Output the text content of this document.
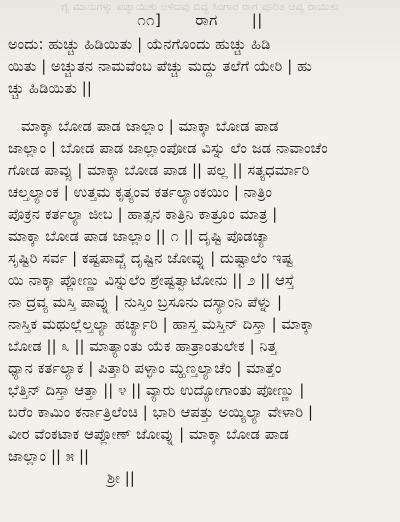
ಗ್ಯ ಮಾನುಗಳ್ಕು ಪಡ್ಯಾಯಿತು ಅಳಿದವು ಬಿದ್ದ ಸಿಂಗಾರ ರಾಗ ಪೂರಿತ ಆಪ್ಯ ರಾಯಿತು
೧೧] ರಾಗ ||
ಅಂದು: ಹುಚ್ಚು ಹಿಡಿಯಿತು | ಯೆನಗೊಂದು ಹುಚ್ಚು ಹಿಡಿ
ಯಿತು | ಅಚ್ಚುತನ ನಾಮವೆಂಬ ಪೆಚ್ಚು ಮದ್ದು ತಲೆಗೆ ಯೇರಿ | ಹು
ಚ್ಚು ಹಿಡಿಯಿತು ||
ಮಾಕ್ಕಾ ಬೋಡ ಪಾಡ ಜಾಲ್ಲಾಂ | ಮಾಕ್ಕಾ ಬೋಡ ಪಾಡ
ಜಾಲ್ಲಾಂ | ಬೋಡ ಪಾಡ ಜಾಲ್ಲಾಂಪೋಡ ವಿಸ್ನು ಲೆಂ ಜಡ ನಾವಾಂಚೆಂ
ಗೋಡ ಪಾವ್ಸು | ಮಾಕ್ಕಾ ಬೋಡ ಪಾಡ || ಪಲ್ಲ || ಸತ್ಯಧರ್ಮಾರಿ
ಚಲ್ತಲ್ಯಾಂಕ | ಉತ್ತಮ ಕೃತ್ಯಂವ ಕರ್ತಲ್ಯಾಂಕಯಿಂ | ನಾತ್ರಿಂ
ಪೊಕ್ರನ ಕರ್ತಲ್ಯಾ ಜೀಬ | ಹಾತ್ಸನ ಕಾತ್ರಿನಿ ಕಾತ್ರೂಂ ಮಾತ್ರ |
ಮಾಕ್ಕಾ ಬೋಡ ಪಾಡ ಜಾಲ್ಲಾಂ || ೧ || ದೃಷ್ಟಿ ಪೊಡಚ್ಯಾ
ಸೃಷ್ಟಿರಿ ಸರ್ವ | ಕಷ್ಟಪಾವ್ಚೆ ದೃಷ್ಟಿನ ಜೋವ್ನು | ದುಷ್ಟಾಲೆಂ ಇಷ್ಟ
ಯಿ ನಾಕ್ಕಾ ಪ್ಲೋಣ್ಣು ವಿಸ್ನುಲೆಂ ಶ್ರೇಷ್ಟತ್ವಾಟೋನು || ೨ || ಆಸ್ತೆ
ನಾ ದ್ರವ್ಯ ಮಸ್ತಿ ಪಾವ್ನು | ನುಸ್ತಿಂ ಬ್ರಸೂನು ದಸ್ಯಾಂನಿ ಪೆಳ್ನು |
ನಾಸ್ತಿಕ ಮಥುಲ್ಲೆಲ್ತಲ್ಯಾ ಹರ್ಚ್ಯಾರಿ | ಹಾಸ್ತ ಮಸ್ತಿನ್ ದಿಸ್ತಾ | ಮಾಕ್ಕಾ
ಬೋಡ || ೩ || ಮಾತ್ಯಾಂತು ಯೆಕ ಹಾತ್ರಾಂತುಲೇಕ | ನಿತ್ತ
ಧ್ಯಾನ ಕರ್ತಲ್ಯಾಕ | ಪಿತ್ತಾರಿ ಪಳ್ಳಾಂ ಮ್ಹಣ್ತಲ್ಯಾಚೆಂ | ಮಾತ್ತೆಂ
ಭೆತ್ತಿನ್ ದಿಸ್ತಾ ಆತ್ತಾ || ೪ || ವ್ಯಾರು ಉದ್ಯೋಗಾಂತು ಪೋಣ್ಣು |
ಬರೆಂ ಕಾಮಿಂ ಕರ್ನಾತ್ರಿಲೆಂಚಿ | ಭಾರಿ ಆಪತ್ತು ಅಯ್ಯಿಲ್ಯಾ ವೇಳಾರಿ |
ವೀರ ವೆಂಕಟಾಕ ಆಪ್ಲೋಣ್ ಜೋವ್ನು | ಮಾಕ್ಕಾ ಬೋಡ ಪಾಡ
ಜಾಲ್ಲಾಂ || ೫ ||
ಶ್ರೀ ||
